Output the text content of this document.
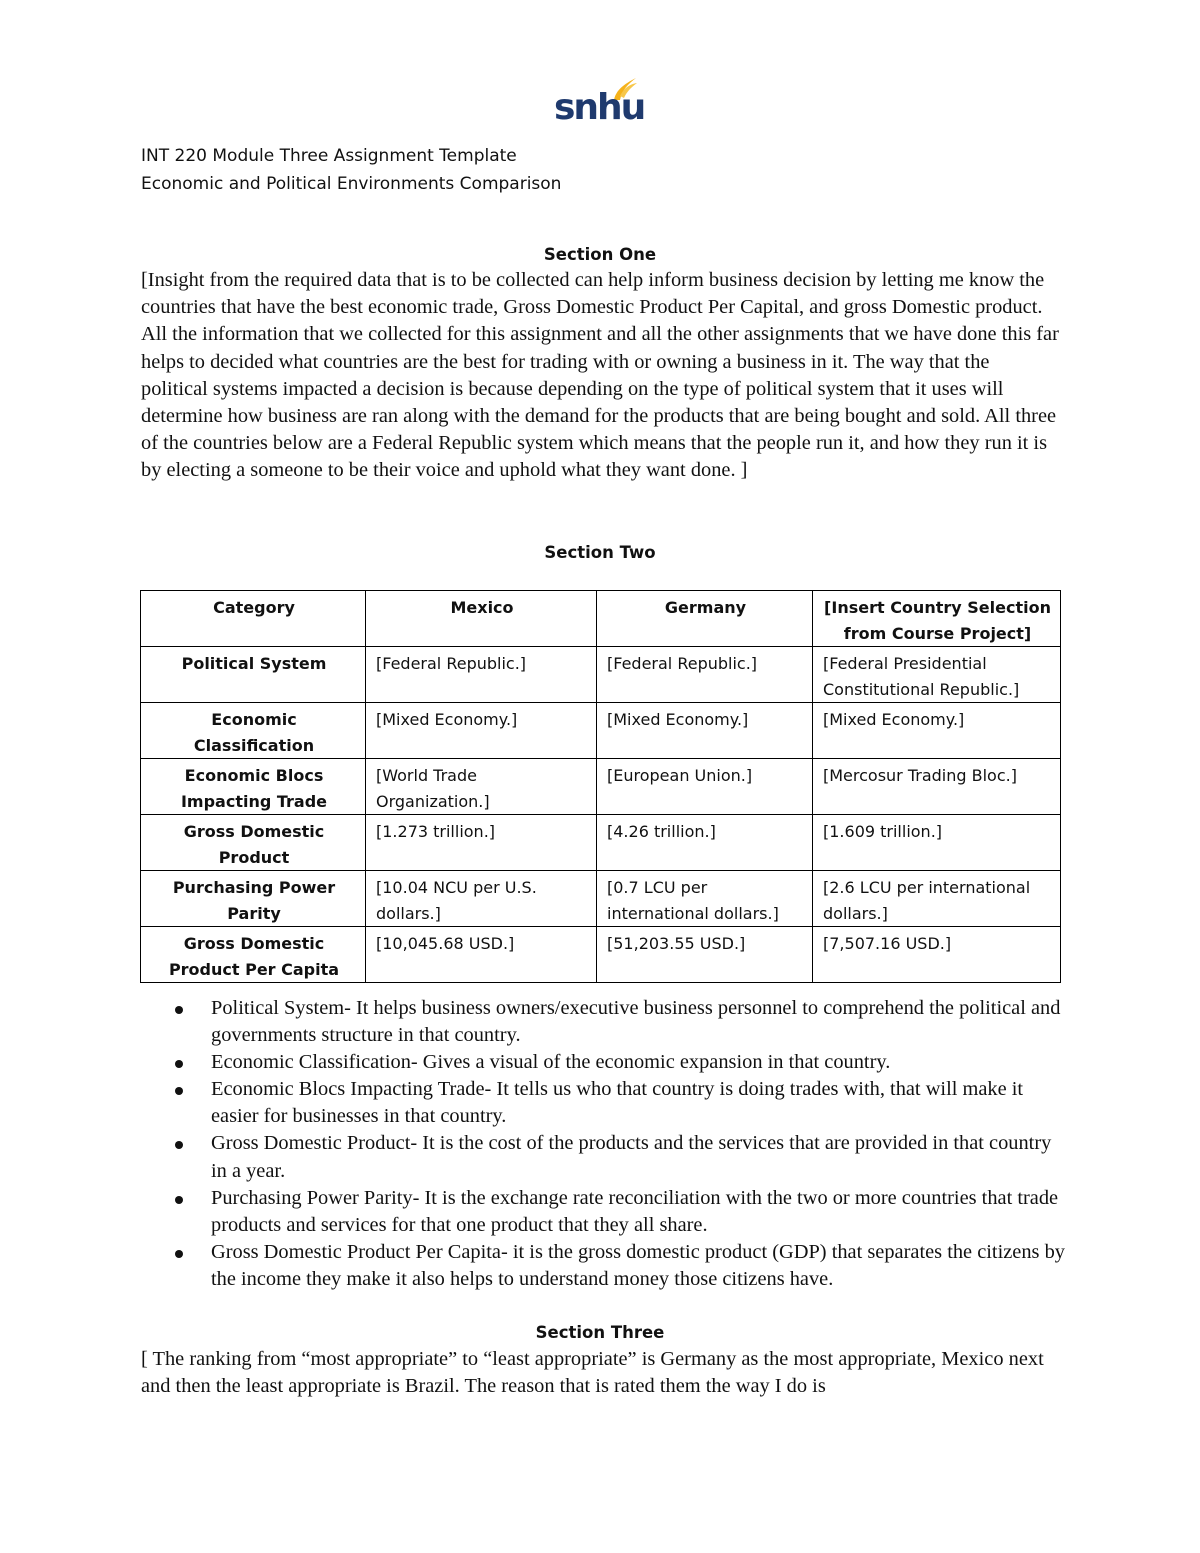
snhu
INT 220 Module Three Assignment Template
Economic and Political Environments Comparison
Section One
[Insight from the required data that is to be collected can help inform business decision by letting me know the countries that have the best economic trade, Gross Domestic Product Per Capital, and gross Domestic product. All the information that we collected for this assignment and all the other assignments that we have done this far helps to decided what countries are the best for trading with or owning a business in it. The way that the political systems impacted a decision is because depending on the type of political system that it uses will determine how business are ran along with the demand for the products that are being bought and sold. All three of the countries below are a Federal Republic system which means that the people run it, and how they run it is by electing a someone to be their voice and uphold what they want done. ]
Section Two
Category	Mexico	Germany	[Insert Country Selection from Course Project]
Political System	[Federal Republic.]	[Federal Republic.]	[Federal Presidential Constitutional Republic.]
Economic Classification	[Mixed Economy.]	[Mixed Economy.]	[Mixed Economy.]
Economic Blocs Impacting Trade	[World Trade Organization.]	[European Union.]	[Mercosur Trading Bloc.]
Gross Domestic Product	[1.273 trillion.]	[4.26 trillion.]	[1.609 trillion.]
Purchasing Power Parity	[10.04 NCU per U.S. dollars.]	[0.7 LCU per international dollars.]	[2.6 LCU per international dollars.]
Gross Domestic Product Per Capita	[10,045.68 USD.]	[51,203.55 USD.]	[7,507.16 USD.]
Political System- It helps business owners/executive business personnel to comprehend the political and governments structure in that country.
Economic Classification- Gives a visual of the economic expansion in that country.
Economic Blocs Impacting Trade- It tells us who that country is doing trades with, that will make it easier for businesses in that country.
Gross Domestic Product- It is the cost of the products and the services that are provided in that country in a year.
Purchasing Power Parity- It is the exchange rate reconciliation with the two or more countries that trade products and services for that one product that they all share.
Gross Domestic Product Per Capita- it is the gross domestic product (GDP) that separates the citizens by the income they make it also helps to understand money those citizens have.
Section Three
[ The ranking from “most appropriate” to “least appropriate” is Germany as the most appropriate, Mexico next and then the least appropriate is Brazil. The reason that is rated them the way I do is
